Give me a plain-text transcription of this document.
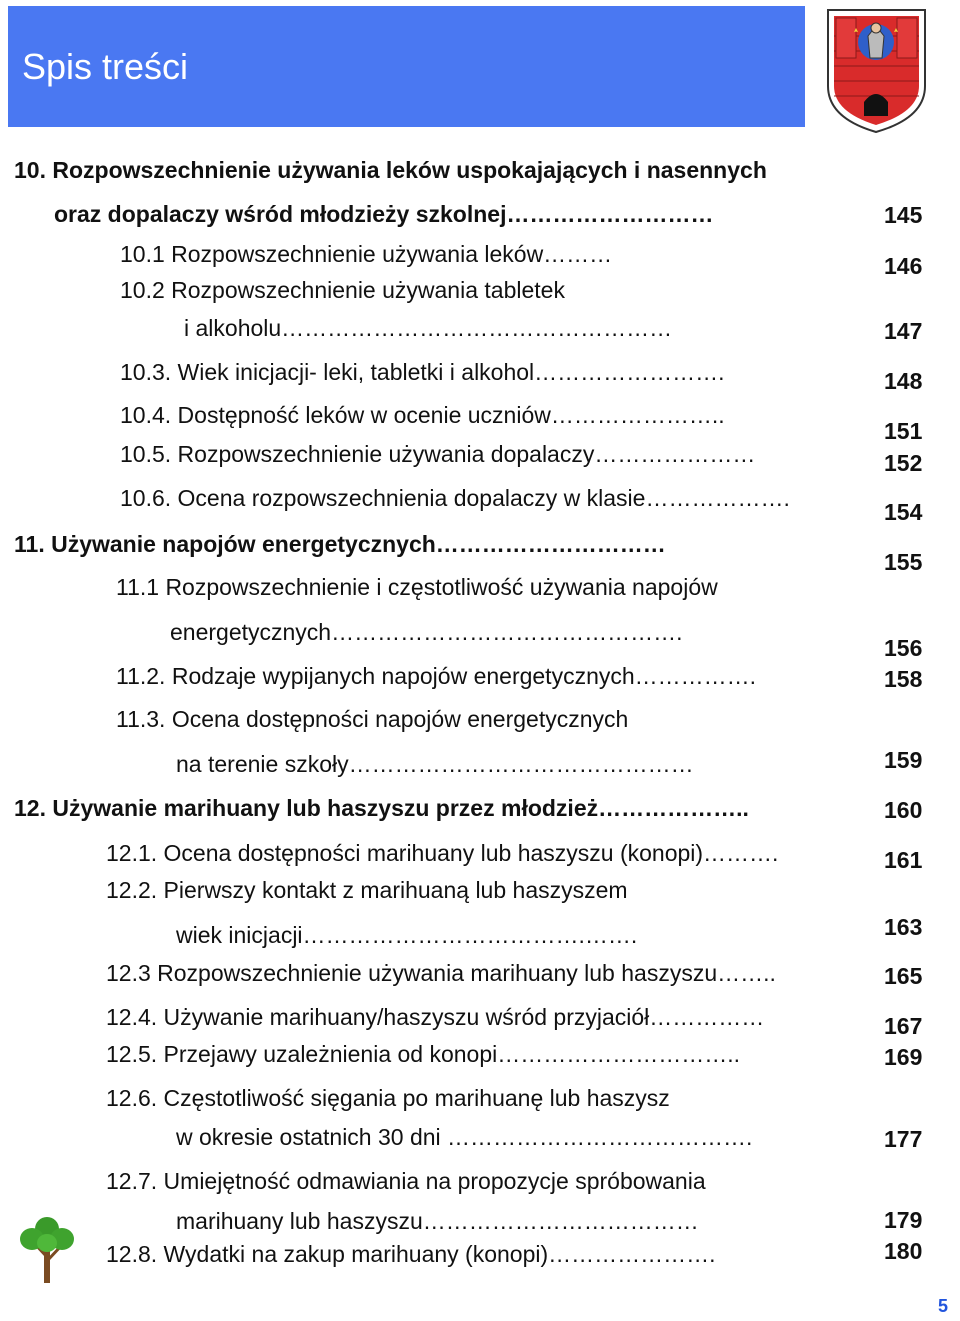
Spis treści
10. Rozpowszechnienie używania leków uspokajających i nasennych
oraz dopalaczy wśród młodzieży szkolnej………………………
10.1 Rozpowszechnienie używania leków………
10.2 Rozpowszechnienie używania tabletek
i alkoholu……………………………………………
10.3. Wiek inicjacji- leki, tabletki i alkohol…………………….
10.4. Dostępność leków w ocenie uczniów…………………..
10.5. Rozpowszechnienie używania dopalaczy…………………
10.6. Ocena rozpowszechnienia dopalaczy w klasie……………….
11. Używanie napojów energetycznych…………………………
11.1 Rozpowszechnienie i częstotliwość używania napojów
energetycznych……………………………………….
11.2. Rodzaje wypijanych napojów energetycznych…………….
11.3. Ocena dostępności napojów energetycznych
na terenie szkoły………………………………………
12. Używanie marihuany lub haszyszu przez młodzież………………..
12.1. Ocena dostępności marihuany lub haszyszu (konopi)……….
12.2. Pierwszy kontakt z marihuaną lub haszyszem
wiek inicjacji……………………………….…….
12.3 Rozpowszechnienie używania marihuany lub haszyszu……..
12.4. Używanie marihuany/haszyszu wśród przyjaciół……………
12.5. Przejawy uzależnienia od konopi…………………………..
12.6. Częstotliwość sięgania po marihuanę lub haszysz
w okresie ostatnich 30 dni ………………………………….
12.7. Umiejętność odmawiania na propozycje spróbowania
marihuany lub haszyszu………………………………
12.8. Wydatki na zakup marihuany (konopi)………………….
145
146
147
148
151
152
154
155
156
158
159
160
161
163
165
167
169
177
179
180
5
